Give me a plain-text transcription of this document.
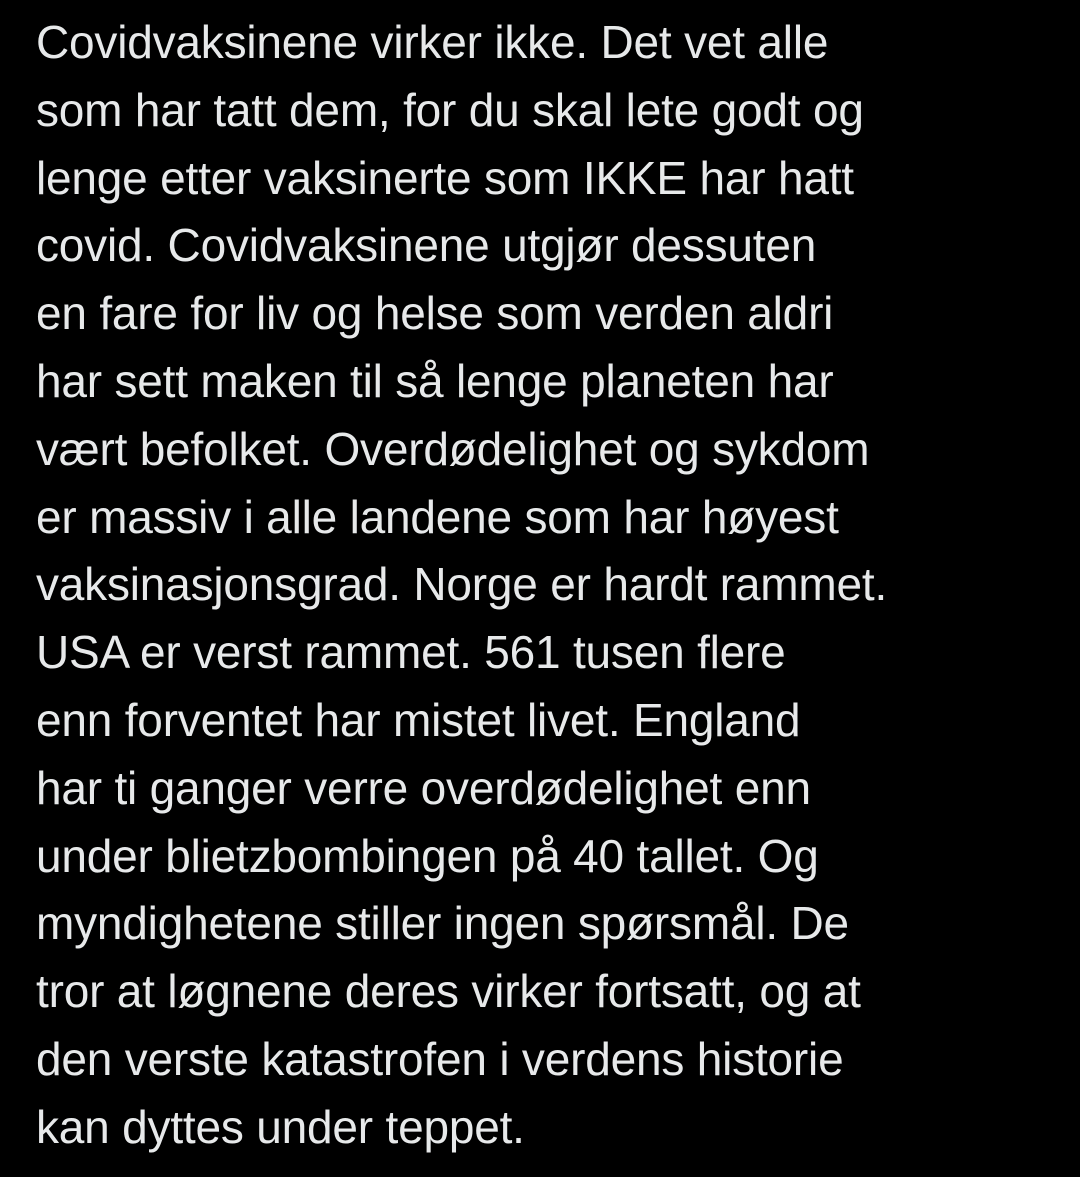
Covidvaksinene virker ikke. Det vet alle
som har tatt dem, for du skal lete godt og
lenge etter vaksinerte som IKKE har hatt
covid. Covidvaksinene utgjør dessuten
en fare for liv og helse som verden aldri
har sett maken til så lenge planeten har
vært befolket. Overdødelighet og sykdom
er massiv i alle landene som har høyest
vaksinasjonsgrad. Norge er hardt rammet.
USA er verst rammet. 561 tusen flere
enn forventet har mistet livet. England
har ti ganger verre overdødelighet enn
under blietzbombingen på 40 tallet. Og
myndighetene stiller ingen spørsmål. De
tror at løgnene deres virker fortsatt, og at
den verste katastrofen i verdens historie
kan dyttes under teppet.
